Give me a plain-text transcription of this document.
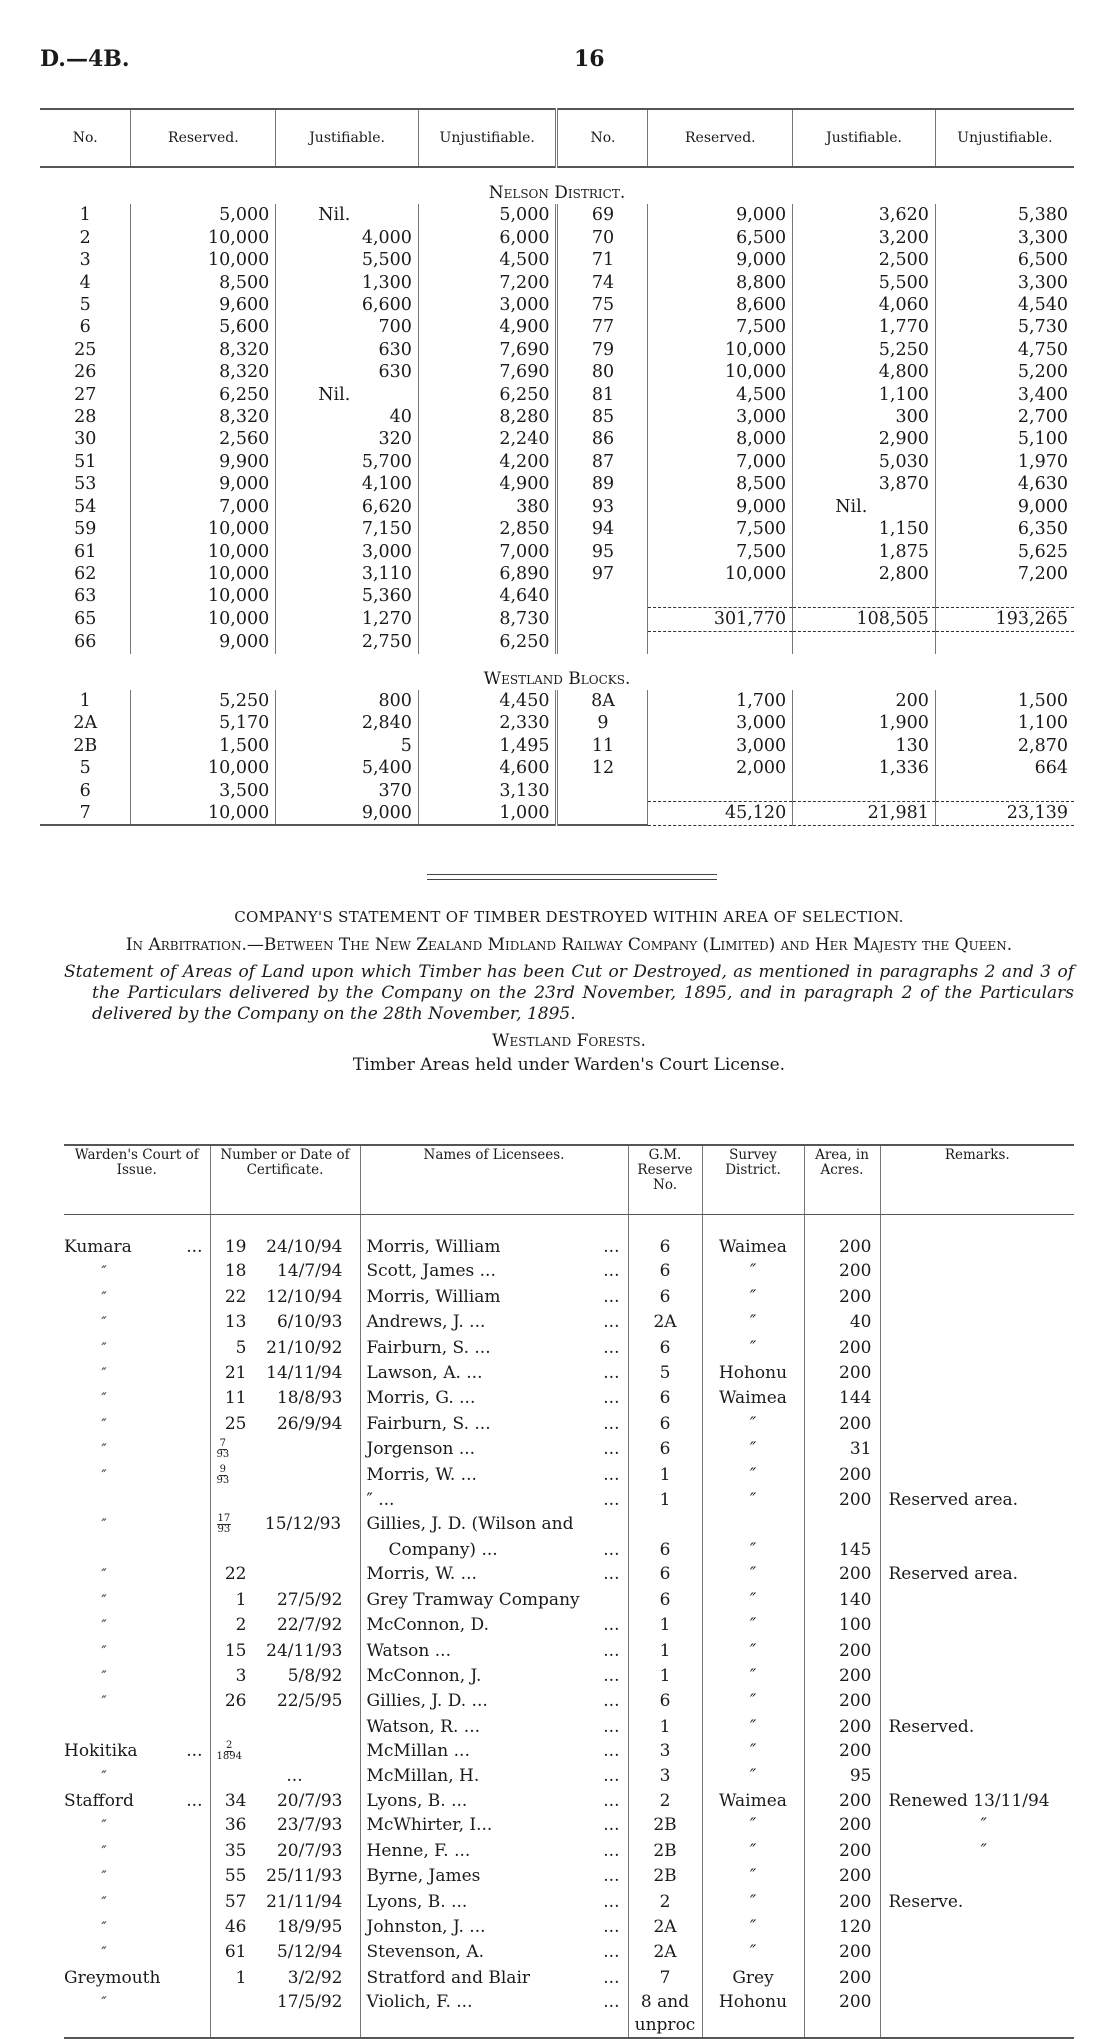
D.—4B.	16
No.	Reserved.	Justifiable.	Unjustifiable.	No.	Reserved.	Justifiable.	Unjustifiable.
Nelson District.							
1	5,000	Nil.	5,000	69	9,000	3,620	5,380
2	10,000	4,000	6,000	70	6,500	3,200	3,300
3	10,000	5,500	4,500	71	9,000	2,500	6,500
4	8,500	1,300	7,200	74	8,800	5,500	3,300
5	9,600	6,600	3,000	75	8,600	4,060	4,540
6	5,600	700	4,900	77	7,500	1,770	5,730
25	8,320	630	7,690	79	10,000	5,250	4,750
26	8,320	630	7,690	80	10,000	4,800	5,200
27	6,250	Nil.	6,250	81	4,500	1,100	3,400
28	8,320	40	8,280	85	3,000	300	2,700
30	2,560	320	2,240	86	8,000	2,900	5,100
51	9,900	5,700	4,200	87	7,000	5,030	1,970
53	9,000	4,100	4,900	89	8,500	3,870	4,630
54	7,000	6,620	380	93	9,000	Nil.	9,000
59	10,000	7,150	2,850	94	7,500	1,150	6,350
61	10,000	3,000	7,000	95	7,500	1,875	5,625
62	10,000	3,110	6,890	97	10,000	2,800	7,200
63	10,000	5,360	4,640				
65	10,000	1,270	8,730		301,770	108,505	193,265
66	9,000	2,750	6,250				
Westland Blocks.							
1	5,250	800	4,450	8A	1,700	200	1,500
2A	5,170	2,840	2,330	9	3,000	1,900	1,100
2B	1,500	5	1,495	11	3,000	130	2,870
5	10,000	5,400	4,600	12	2,000	1,336	664
6	3,500	370	3,130				
7	10,000	9,000	1,000		45,120	21,981	23,139
COMPANY'S STATEMENT OF TIMBER DESTROYED WITHIN AREA OF SELECTION.
In Arbitration.—Between The New Zealand Midland Railway Company (Limited) and Her Majesty the Queen.
Statement of Areas of Land upon which Timber has been Cut or Destroyed, as mentioned in paragraphs 2 and 3 of the Particulars delivered by the Company on the 23rd November, 1895, and in paragraph 2 of the Particulars delivered by the Company on the 28th November, 1895.
Westland Forests.
Timber Areas held under Warden's Court License.
Warden's Court of Issue.	Number or Date of Certificate.	Names of Licensees.	G.M. Reserve No.	Survey District.	Area, in Acres.	Remarks.

Kumara ...	19 24/10/94	Morris, William ...	6	Waimea	200	
″	18 14/7/94	Scott, James ... ...	6	″	200	
″	22 12/10/94	Morris, William ...	6	″	200	
″	13 6/10/93	Andrews, J. ... ...	2A	″	40	
″	5 21/10/92	Fairburn, S. ... ...	6	″	200	
″	21 14/11/94	Lawson, A. ... ...	5	Hohonu	200	
″	11 18/8/93	Morris, G. ... ...	6	Waimea	144	
″	25 26/9/94	Fairburn, S. ... ...	6	″	200	
″	$\frac{7}{93}$	Jorgenson ... ...	6	″	31	
″	$\frac{9}{93}$	Morris, W. ... ...	1	″	200	
		″ ... ...	1	″	200	Reserved area.
″	$\frac{17}{93} 15/12/93$	Gillies, J. D. (Wilson and				
		Company) ... ...	6	″	145	
″	22	Morris, W. ... ...	6	″	200	Reserved area.
″	1 27/5/92	Grey Tramway Company	6	″	140	
″	2 22/7/92	McConnon, D. ...	1	″	100	
″	15 24/11/93	Watson ... ...	1	″	200	
″	3 5/8/92	McConnon, J. ...	1	″	200	
″	26 22/5/95	Gillies, J. D. ... ...	6	″	200	
		Watson, R. ... ...	1	″	200	Reserved.
Hokitika ...	$\frac{2}{1894}$	McMillan ... ...	3	″	200	
″	...	McMillan, H. ...	3	″	95	
Stafford ...	34 20/7/93	Lyons, B. ... ...	2	Waimea	200	Renewed 13/11/94
″	36 23/7/93	McWhirter, I... ...	2B	″	200	″
″	35 20/7/93	Henne, F. ... ...	2B	″	200	″
″	55 25/11/93	Byrne, James ...	2B	″	200	
″	57 21/11/94	Lyons, B. ... ...	2	″	200	Reserve.
″	46 18/9/95	Johnston, J. ... ...	2A	″	120	
″	61 5/12/94	Stevenson, A. ...	2A	″	200	
Greymouth	1 3/2/92	Stratford and Blair ...	7	Grey	200	
″	17/5/92	Violich, F. ... ...	8 and unproc	Hohonu	200	
